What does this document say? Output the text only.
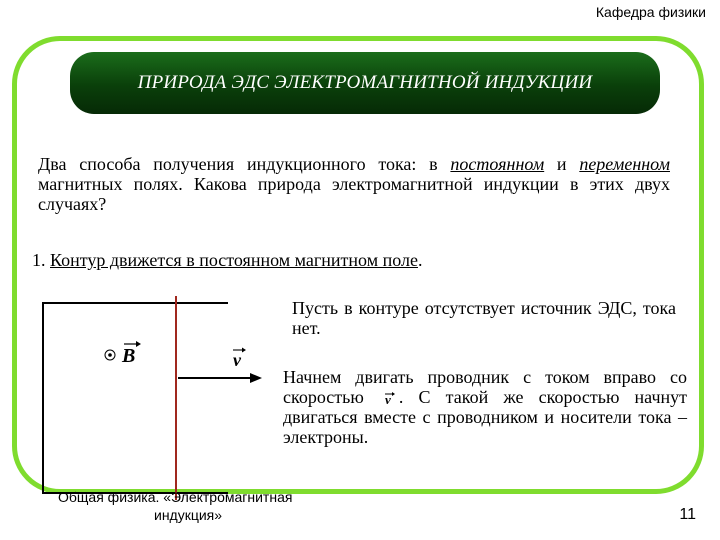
Кафедра физики
ПРИРОДА ЭДС ЭЛЕКТРОМАГНИТНОЙ ИНДУКЦИИ
Два способа получения индукционного тока: в постоянном и переменном магнитных полях. Какова природа электромагнитной индукции в этих двух случаях?
1. Контур движется в постоянном магнитном поле.
B	v
Пусть в контуре отсутствует источник ЭДС, тока нет.
Начнем двигать проводник с током вправо со скоростью v . С такой же скоростью начнут двигаться вместе с проводником и носители тока – электроны.
Общая физика. «Электромагнитная
индукция»	11
